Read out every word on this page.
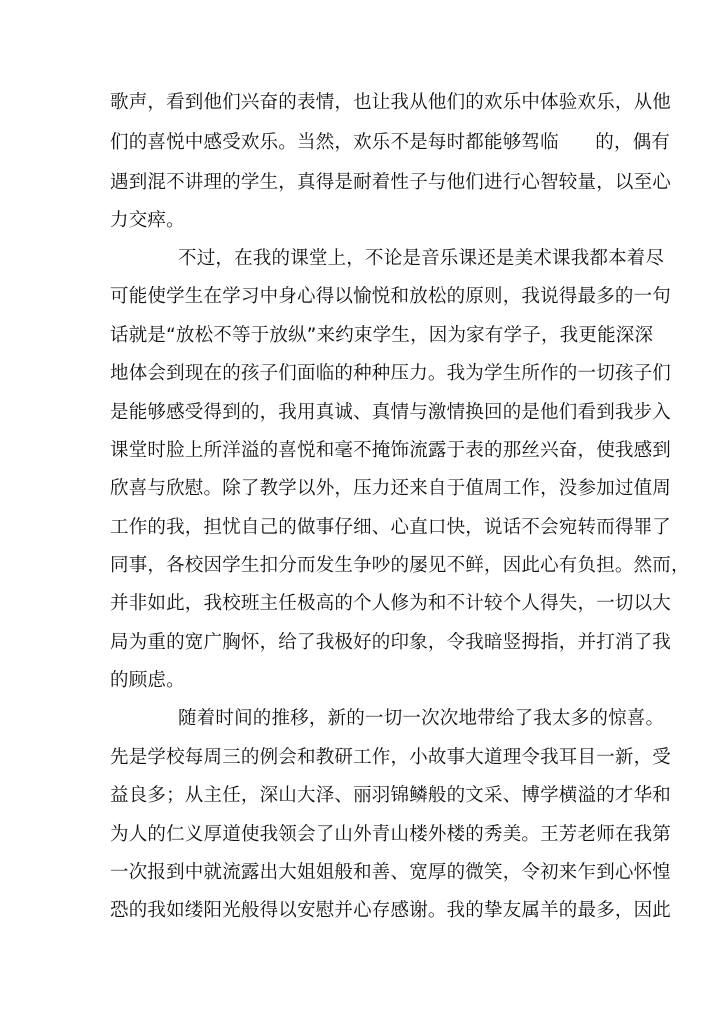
歌声，看到他们兴奋的表情，也让我从他们的欢乐中体验欢乐，从他
们的喜悦中感受欢乐。当然，欢乐不是每时都能够驾临      的，偶有
遇到混不讲理的学生，真得是耐着性子与他们进行心智较量，以至心
力交瘁。
不过，在我的课堂上，不论是音乐课还是美术课我都本着尽
可能使学生在学习中身心得以愉悦和放松的原则，我说得最多的一句
话就是“放松不等于放纵”来约束学生，因为家有学子，我更能深深
地体会到现在的孩子们面临的种种压力。我为学生所作的一切孩子们
是能够感受得到的，我用真诚、真情与激情换回的是他们看到我步入
课堂时脸上所洋溢的喜悦和毫不掩饰流露于表的那丝兴奋，使我感到
欣喜与欣慰。除了教学以外，压力还来自于值周工作，没参加过值周
工作的我，担忧自己的做事仔细、心直口快，说话不会宛转而得罪了
同事，各校因学生扣分而发生争吵的屡见不鲜，因此心有负担。然而，
并非如此，我校班主任极高的个人修为和不计较个人得失，一切以大
局为重的宽广胸怀，给了我极好的印象，令我暗竖拇指，并打消了我
的顾虑。
随着时间的推移，新的一切一次次地带给了我太多的惊喜。
先是学校每周三的例会和教研工作，小故事大道理令我耳目一新，受
益良多；从主任，深山大泽、丽羽锦鳞般的文采、博学横溢的才华和
为人的仁义厚道使我领会了山外青山楼外楼的秀美。王芳老师在我第
一次报到中就流露出大姐姐般和善、宽厚的微笑，令初来乍到心怀惶
恐的我如缕阳光般得以安慰并心存感谢。我的挚友属羊的最多，因此
